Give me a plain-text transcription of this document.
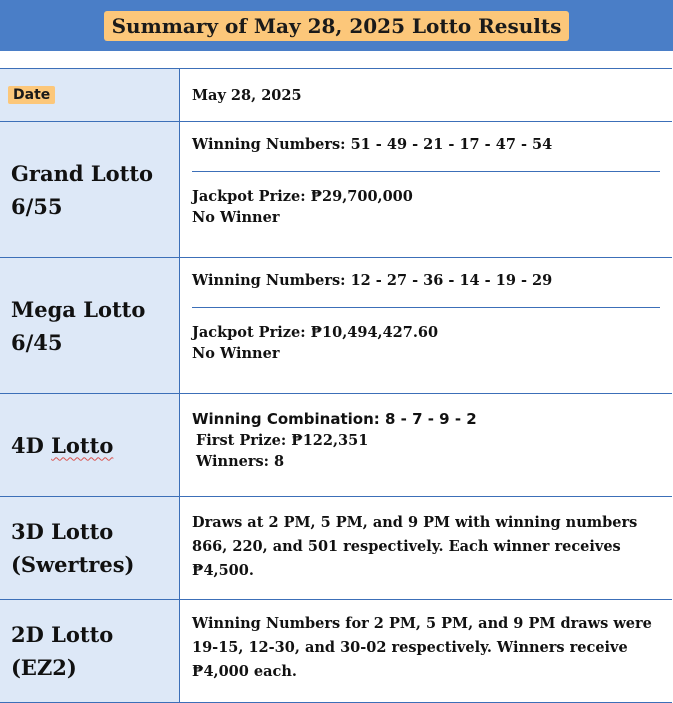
Summary of May 28, 2025 Lotto Results
Date	May 28, 2025

Grand Lotto
6/55

Winning Numbers: 51 - 49 - 21 - 17 - 47 - 54

Jackpot Prize: ₱29,700,000

No Winner

Mega Lotto
6/45

Winning Numbers: 12 - 27 - 36 - 14 - 19 - 29

Jackpot Prize: ₱10,494,427.60

No Winner

4D Lotto

Winning Combination: 8 - 7 - 9 - 2

First Prize: ₱122,351

Winners: 8

3D Lotto
(Swertres)

Draws at 2 PM, 5 PM, and 9 PM with winning numbers 866, 220, and 501 respectively. Each winner receives ₱4,500.

2D Lotto
(EZ2)

Winning Numbers for 2 PM, 5 PM, and 9 PM draws were 19-15, 12-30, and 30-02 respectively. Winners receive ₱4,000 each.
